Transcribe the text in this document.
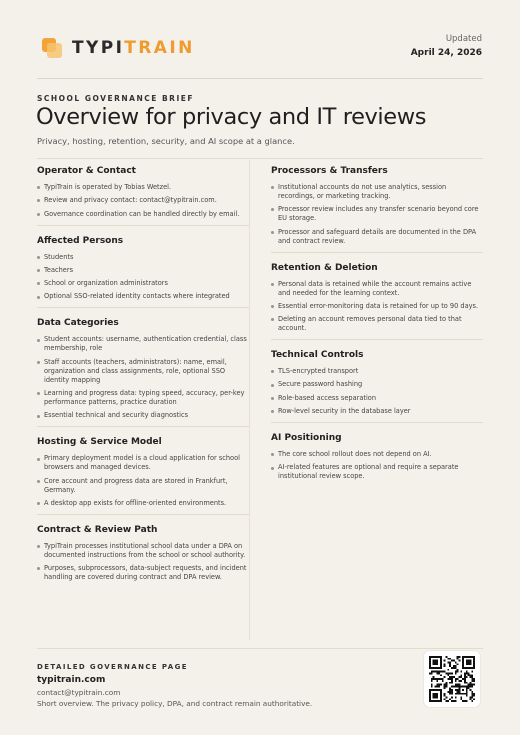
TYPITRAIN	Updated
April 24, 2026
SCHOOL GOVERNANCE BRIEF
Overview for privacy and IT reviews
Privacy, hosting, retention, security, and AI scope at a glance.
Operator & Contact
TypiTrain is operated by Tobias Wetzel.
Review and privacy contact: contact@typitrain.com.
Governance coordination can be handled directly by email.
Affected Persons
Students
Teachers
School or organization administrators
Optional SSO-related identity contacts where integrated
Data Categories
Student accounts: username, authentication credential, class membership, role
Staff accounts (teachers, administrators): name, email, organization and class assignments, role, optional SSO identity mapping
Learning and progress data: typing speed, accuracy, per-key performance patterns, practice duration
Essential technical and security diagnostics
Hosting & Service Model
Primary deployment model is a cloud application for school browsers and managed devices.
Core account and progress data are stored in Frankfurt, Germany.
A desktop app exists for offline-oriented environments.
Contract & Review Path
TypiTrain processes institutional school data under a DPA on documented instructions from the school or school authority.
Purposes, subprocessors, data-subject requests, and incident handling are covered during contract and DPA review.
Processors & Transfers
Institutional accounts do not use analytics, session recordings, or marketing tracking.
Processor review includes any transfer scenario beyond core EU storage.
Processor and safeguard details are documented in the DPA and contract review.
Retention & Deletion
Personal data is retained while the account remains active and needed for the learning context.
Essential error-monitoring data is retained for up to 90 days.
Deleting an account removes personal data tied to that account.
Technical Controls
TLS-encrypted transport
Secure password hashing
Role-based access separation
Row-level security in the database layer
AI Positioning
The core school rollout does not depend on AI.
AI-related features are optional and require a separate institutional review scope.
DETAILED GOVERNANCE PAGE
typitrain.com
contact@typitrain.com
Short overview. The privacy policy, DPA, and contract remain authoritative.
